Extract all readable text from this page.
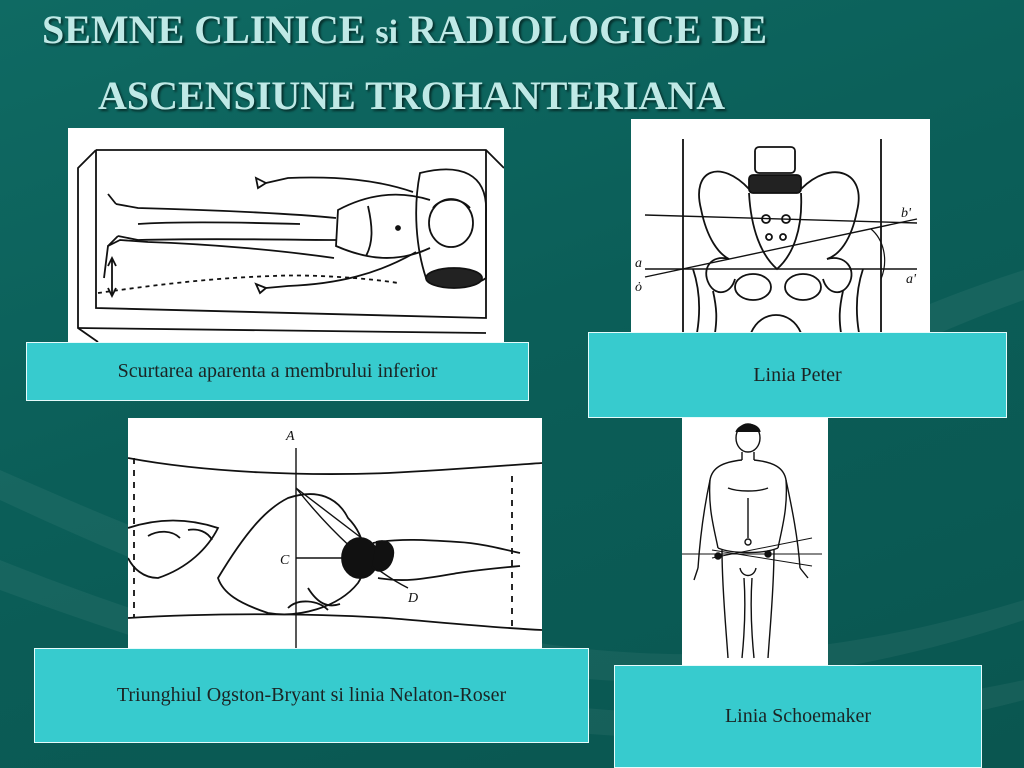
SEMNE CLINICE si RADIOLOGICE DE
ASCENSIUNE TROHANTERIANA
Scurtarea aparenta a membrului inferior
a
ȯ
b'
a'
Linia Peter
A
C
D
Triunghiul Ogston-Bryant si linia Nelaton-Roser
Linia Schoemaker
